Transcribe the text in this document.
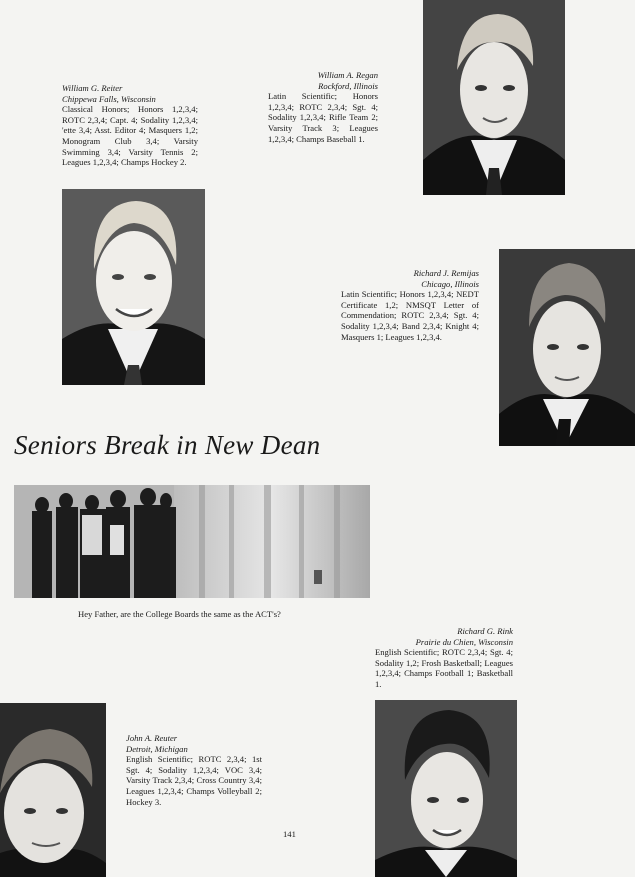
William A. Regan
Rockford, Illinois
Latin Scientific; Honors 1,2,3,4; ROTC 2,3,4; Sgt. 4; Sodality 1,2,3,4; Rifle Team 2; Varsity Track 3; Leagues 1,2,3,4; Champs Baseball 1.
William G. Reiter
Chippewa Falls, Wisconsin
Classical Honors; Honors 1,2,3,4; ROTC 2,3,4; Capt. 4; Sodality 1,2,3,4; 'ette 3,4; Asst. Editor 4; Masquers 1,2; Monogram Club 3,4; Varsity Swimming 3,4; Varsity Tennis 2; Leagues 1,2,3,4; Champs Hockey 2.
Richard J. Remijas
Chicago, Illinois
Latin Scientific; Honors 1,2,3,4; NEDT Certificate 1,2; NMSQT Letter of Commendation; ROTC 2,3,4; Sgt. 4; Sodality 1,2,3,4; Band 2,3,4; Knight 4; Masquers 1; Leagues 1,2,3,4.
Seniors Break in New Dean
Hey Father, are the College Boards the same as the ACT's?
Richard G. Rink
Prairie du Chien, Wisconsin
English Scientific; ROTC 2,3,4; Sgt. 4; Sodality 1,2; Frosh Basketball; Leagues 1,2,3,4; Champs Football 1; Basketball 1.
John A. Reuter
Detroit, Michigan
English Scientific; ROTC 2,3,4; 1st Sgt. 4; Sodality 1,2,3,4; VOC 3,4; Varsity Track 2,3,4; Cross Country 3,4; Leagues 1,2,3,4; Champs Volleyball 2; Hockey 3.
141
